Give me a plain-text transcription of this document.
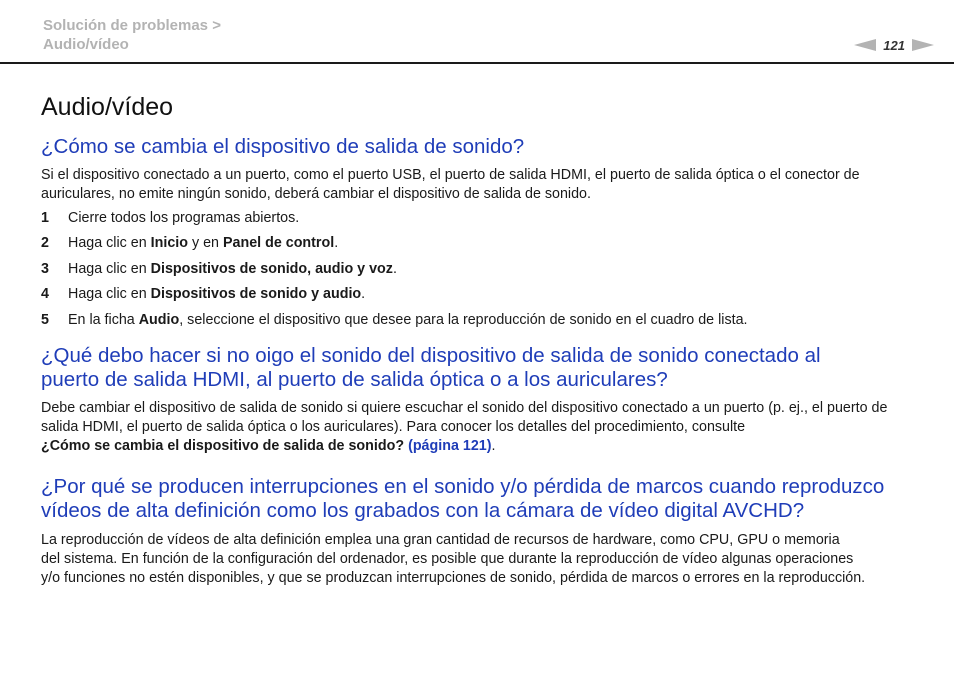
Solución de problemas >
Audio/vídeo	121
Audio/vídeo
¿Cómo se cambia el dispositivo de salida de sonido?

Si el dispositivo conectado a un puerto, como el puerto USB, el puerto de salida HDMI, el puerto de salida óptica o el conector de auriculares, no emite ningún sonido, deberá cambiar el dispositivo de salida de sonido.

1	Cierre todos los programas abiertos.
2	Haga clic en Inicio y en Panel de control.
3	Haga clic en Dispositivos de sonido, audio y voz.
4	Haga clic en Dispositivos de sonido y audio.
5	En la ficha Audio, seleccione el dispositivo que desee para la reproducción de sonido en el cuadro de lista.
¿Qué debo hacer si no oigo el sonido del dispositivo de salida de sonido conectado al
puerto de salida HDMI, al puerto de salida óptica o a los auriculares?

Debe cambiar el dispositivo de salida de sonido si quiere escuchar el sonido del dispositivo conectado a un puerto (p. ej., el puerto de salida HDMI, el puerto de salida óptica o los auriculares). Para conocer los detalles del procedimiento, consulte
¿Cómo se cambia el dispositivo de salida de sonido? (página 121).

¿Por qué se producen interrupciones en el sonido y/o pérdida de marcos cuando reproduzco
vídeos de alta definición como los grabados con la cámara de vídeo digital AVCHD?

La reproducción de vídeos de alta definición emplea una gran cantidad de recursos de hardware, como CPU, GPU o memoria
del sistema. En función de la configuración del ordenador, es posible que durante la reproducción de vídeo algunas operaciones
y/o funciones no estén disponibles, y que se produzcan interrupciones de sonido, pérdida de marcos o errores en la reproducción.
